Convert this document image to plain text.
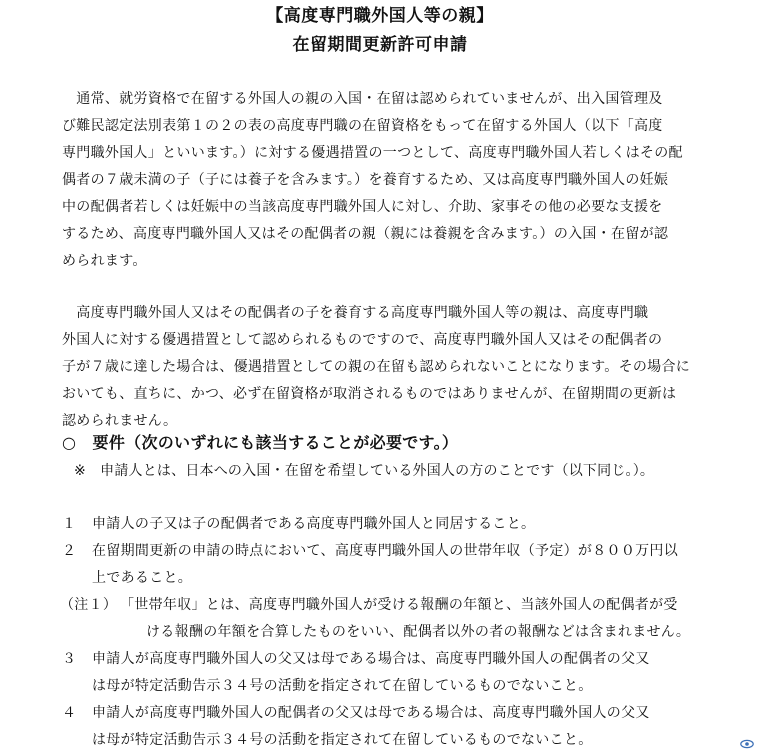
【高度専門職外国人等の親】
在留期間更新許可申請
　通常、就労資格で在留する外国人の親の入国・在留は認められていませんが、出入国管理及
び難民認定法別表第１の２の表の高度専門職の在留資格をもって在留する外国人（以下「高度
専門職外国人」といいます。）に対する優遇措置の一つとして、高度専門職外国人若しくはその配
偶者の７歳未満の子（子には養子を含みます。）を養育するため、又は高度専門職外国人の妊娠
中の配偶者若しくは妊娠中の当該高度専門職外国人に対し、介助、家事その他の必要な支援を
するため、高度専門職外国人又はその配偶者の親（親には養親を含みます。）の入国・在留が認
められます。
　高度専門職外国人又はその配偶者の子を養育する高度専門職外国人等の親は、高度専門職
外国人に対する優遇措置として認められるものですので、高度専門職外国人又はその配偶者の
子が７歳に達した場合は、優遇措置としての親の在留も認められないことになります。その場合に
おいても、直ちに、かつ、必ず在留資格が取消されるものではありませんが、在留期間の更新は
認められません。
○　要件（次のいずれにも該当することが必要です。）
※　申請人とは、日本への入国・在留を希望している外国人の方のことです（以下同じ。）。
１ 申請人の子又は子の配偶者である高度専門職外国人と同居すること。
２ 在留期間更新の申請の時点において、高度専門職外国人の世帯年収（予定）が８００万円以
上であること。
（注１） 「世帯年収」とは、高度専門職外国人が受ける報酬の年額と、当該外国人の配偶者が受
ける報酬の年額を合算したものをいい、配偶者以外の者の報酬などは含まれません。
３ 申請人が高度専門職外国人の父又は母である場合は、高度専門職外国人の配偶者の父又
は母が特定活動告示３４号の活動を指定されて在留しているものでないこと。
４ 申請人が高度専門職外国人の配偶者の父又は母である場合は、高度専門職外国人の父又
は母が特定活動告示３４号の活動を指定されて在留しているものでないこと。
